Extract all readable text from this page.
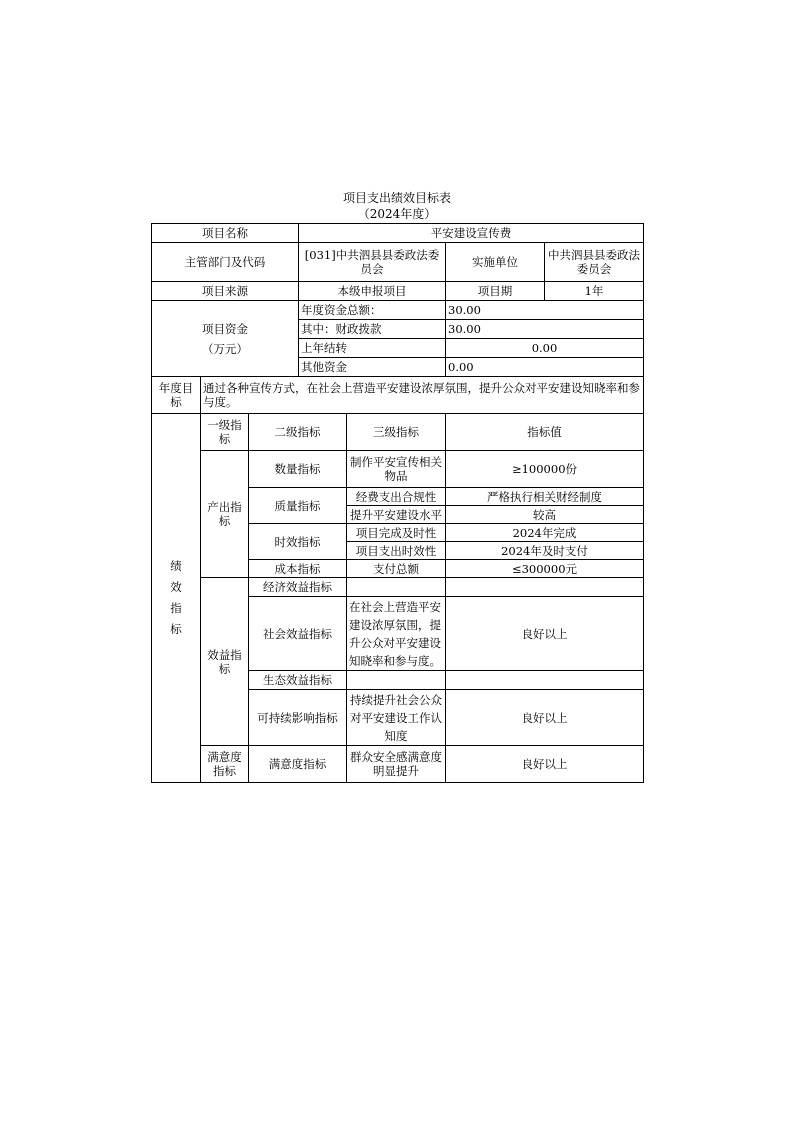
项目支出绩效目标表
（2024年度）
项目名称			平安建设宣传费			
主管部门及代码			[031]中共泗县县委政法委员会		实施单位	中共泗县县委政法委员会
项目来源			本级申报项目		项目期	1年

项目资金
（万元）			年度资金总额：		30.00	
			其中：财政拨款		30.00	
			上年结转		0.00	
			其他资金		0.00	
年度目标	通过各种宣传方式，在社会上营造平安建设浓厚氛围，提升公众对平安建设知晓率和参与度。					

绩效指标	一级指标	二级指标		三级指标	指标值	
	产出指标	数量指标		制作平安宣传相关物品	≥100000份	
		质量指标		经费支出合规性	严格执行相关财经制度	
				提升平安建设水平	较高	
		时效指标		项目完成及时性	2024年完成	
				项目支出时效性	2024年及时支付	
		成本指标		支付总额	≤300000元	
	效益指标	经济效益指标				
		社会效益指标		在社会上营造平安建设浓厚氛围，提升公众对平安建设知晓率和参与度。	良好以上	
		生态效益指标				
		可持续影响指标		持续提升社会公众对平安建设工作认知度	良好以上	
	满意度指标	满意度指标		群众安全感满意度明显提升	良好以上	
